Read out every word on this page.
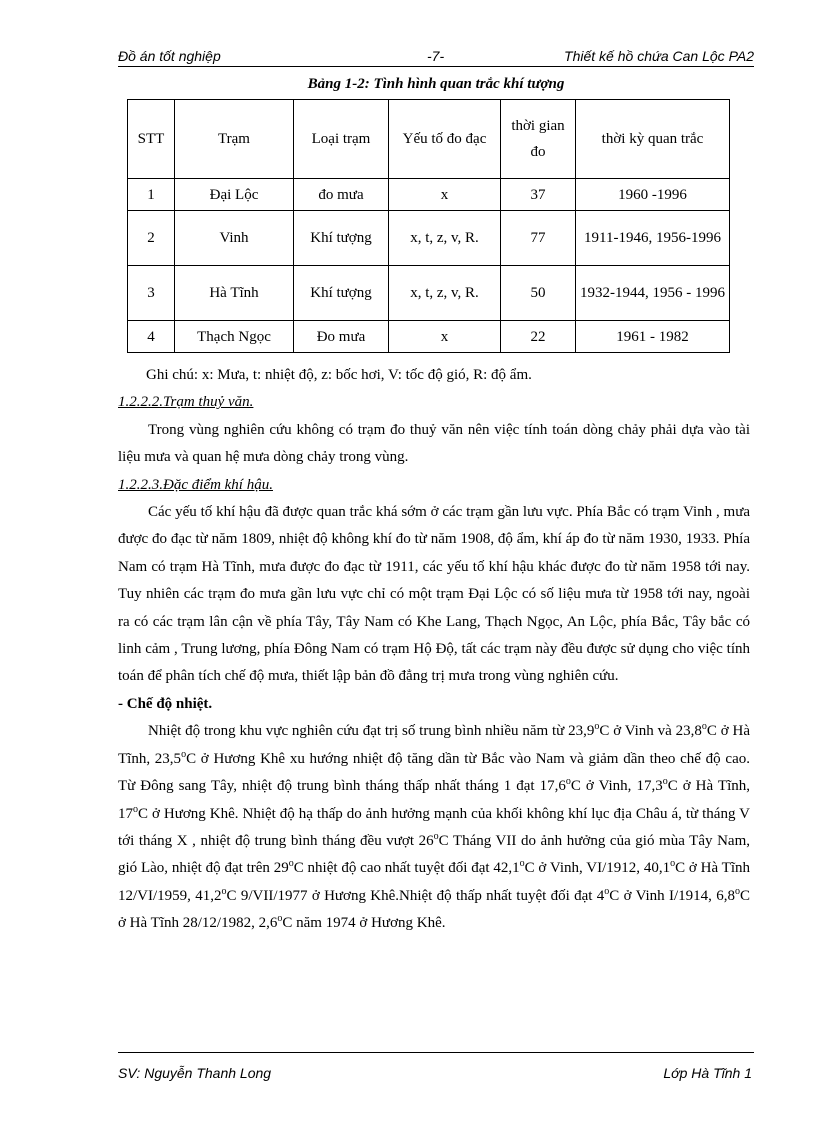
Đồ án tốt nghiệp	-7-	Thiết kế hồ chứa Can Lộc PA2
Bảng 1-2: Tình hình quan trắc khí tượng
STT	Trạm	Loại trạm	Yếu tố đo đạc	thời gian đo	thời kỳ quan trắc
1	Đại Lộc	đo mưa	x	37	1960 -1996
2	Vinh	Khí tượng	x, t, z, v, R.	77	1911-1946, 1956-1996
3	Hà Tĩnh	Khí tượng	x, t, z, v, R.	50	1932-1944, 1956 - 1996
4	Thạch Ngọc	Đo mưa	x	22	1961 - 1982

Ghi chú: x: Mưa, t: nhiệt độ, z: bốc hơi, V: tốc độ gió, R: độ ẩm.

1.2.2.2.Trạm thuỷ văn.

Trong vùng nghiên cứu không có trạm đo thuỷ văn nên việc tính toán dòng chảy phải dựa vào tài liệu mưa và quan hệ mưa dòng chảy trong vùng.

1.2.2.3.Đặc điểm khí hậu.

Các yếu tố khí hậu đã được quan trắc khá sớm ở các trạm gần lưu vực. Phía Bắc có trạm Vinh , mưa được đo đạc từ năm 1809, nhiệt độ không khí đo từ năm 1908, độ ẩm, khí áp đo từ năm 1930, 1933. Phía Nam có trạm Hà Tĩnh, mưa được đo đạc từ 1911, các yếu tố khí hậu khác được đo từ năm 1958 tới nay. Tuy nhiên các trạm đo mưa gần lưu vực chỉ có một trạm Đại Lộc có số liệu mưa từ 1958 tới nay, ngoài ra có các trạm lân cận về phía Tây, Tây Nam có Khe Lang, Thạch Ngọc, An Lộc, phía Bắc, Tây bắc có linh cảm , Trung lương, phía Đông Nam có trạm Hộ Độ, tất các trạm này đều được sử dụng cho việc tính toán để phân tích chế độ mưa, thiết lập bản đồ đẳng trị mưa trong vùng nghiên cứu.

- Chế độ nhiệt.

Nhiệt độ trong khu vực nghiên cứu đạt trị số trung bình nhiều năm từ 23,9$^o$C ở Vinh và 23,8$^o$C ở Hà Tĩnh, 23,5$^o$C ở Hương Khê xu hướng nhiệt độ tăng dần từ Bắc vào Nam và giảm dần theo chế độ cao. Từ Đông sang Tây, nhiệt độ trung bình tháng thấp nhất tháng 1 đạt 17,6$^o$C ở Vinh, 17,3$^o$C ở Hà Tĩnh, 17$^o$C ở Hương Khê. Nhiệt độ hạ thấp do ảnh hưởng mạnh của khối không khí lục địa Châu á, từ tháng V tới tháng X , nhiệt độ trung bình tháng đều vượt 26$^o$C Tháng VII do ảnh hưởng của gió mùa Tây Nam, gió Lào, nhiệt độ đạt trên 29$^o$C nhiệt độ cao nhất tuyệt đối đạt 42,1$^o$C ở Vinh, VI/1912, 40,1$^o$C ở Hà Tĩnh 12/VI/1959, 41,2$^o$C 9/VII/1977 ở Hương Khê.Nhiệt độ thấp nhất tuyệt đối đạt 4$^o$C ở Vinh I/1914, 6,8$^o$C ở Hà Tĩnh 28/12/1982, 2,6$^o$C năm 1974 ở Hương Khê.

SV: Nguyễn Thanh Long	Lớp Hà Tĩnh 1
